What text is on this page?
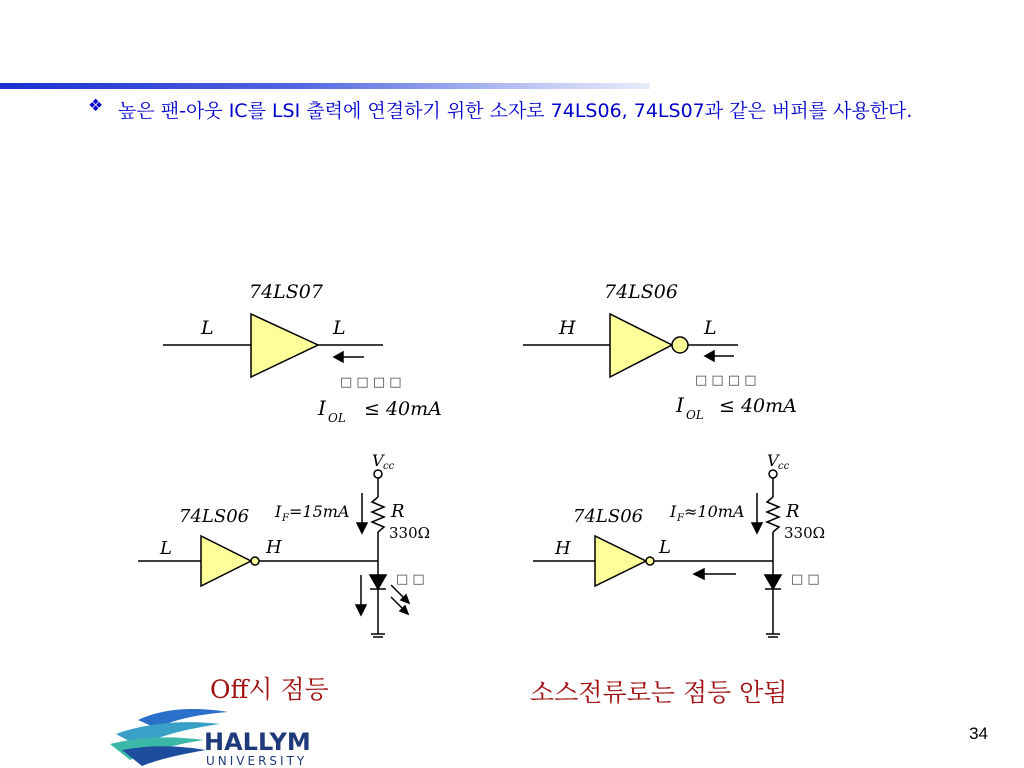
❖ 높은 팬-아웃 IC를 LSI 출력에 연결하기 위한 소자로 74LS06, 74LS07과 같은 버퍼를 사용한다.
74LS07
L	L
□ □ □ □
I OL ≤ 40mA
74LS06
H	L
□ □ □ □
I OL ≤ 40mA
V cc
74LS06 I F =15mA R
330Ω
L	H
□ □
V cc
74LS06 I F ≈10mA R
330Ω
H	L
□ □
Off시 점등	소스전류로는 점등 안됨
HALLYM
UNIVERSITY
34
